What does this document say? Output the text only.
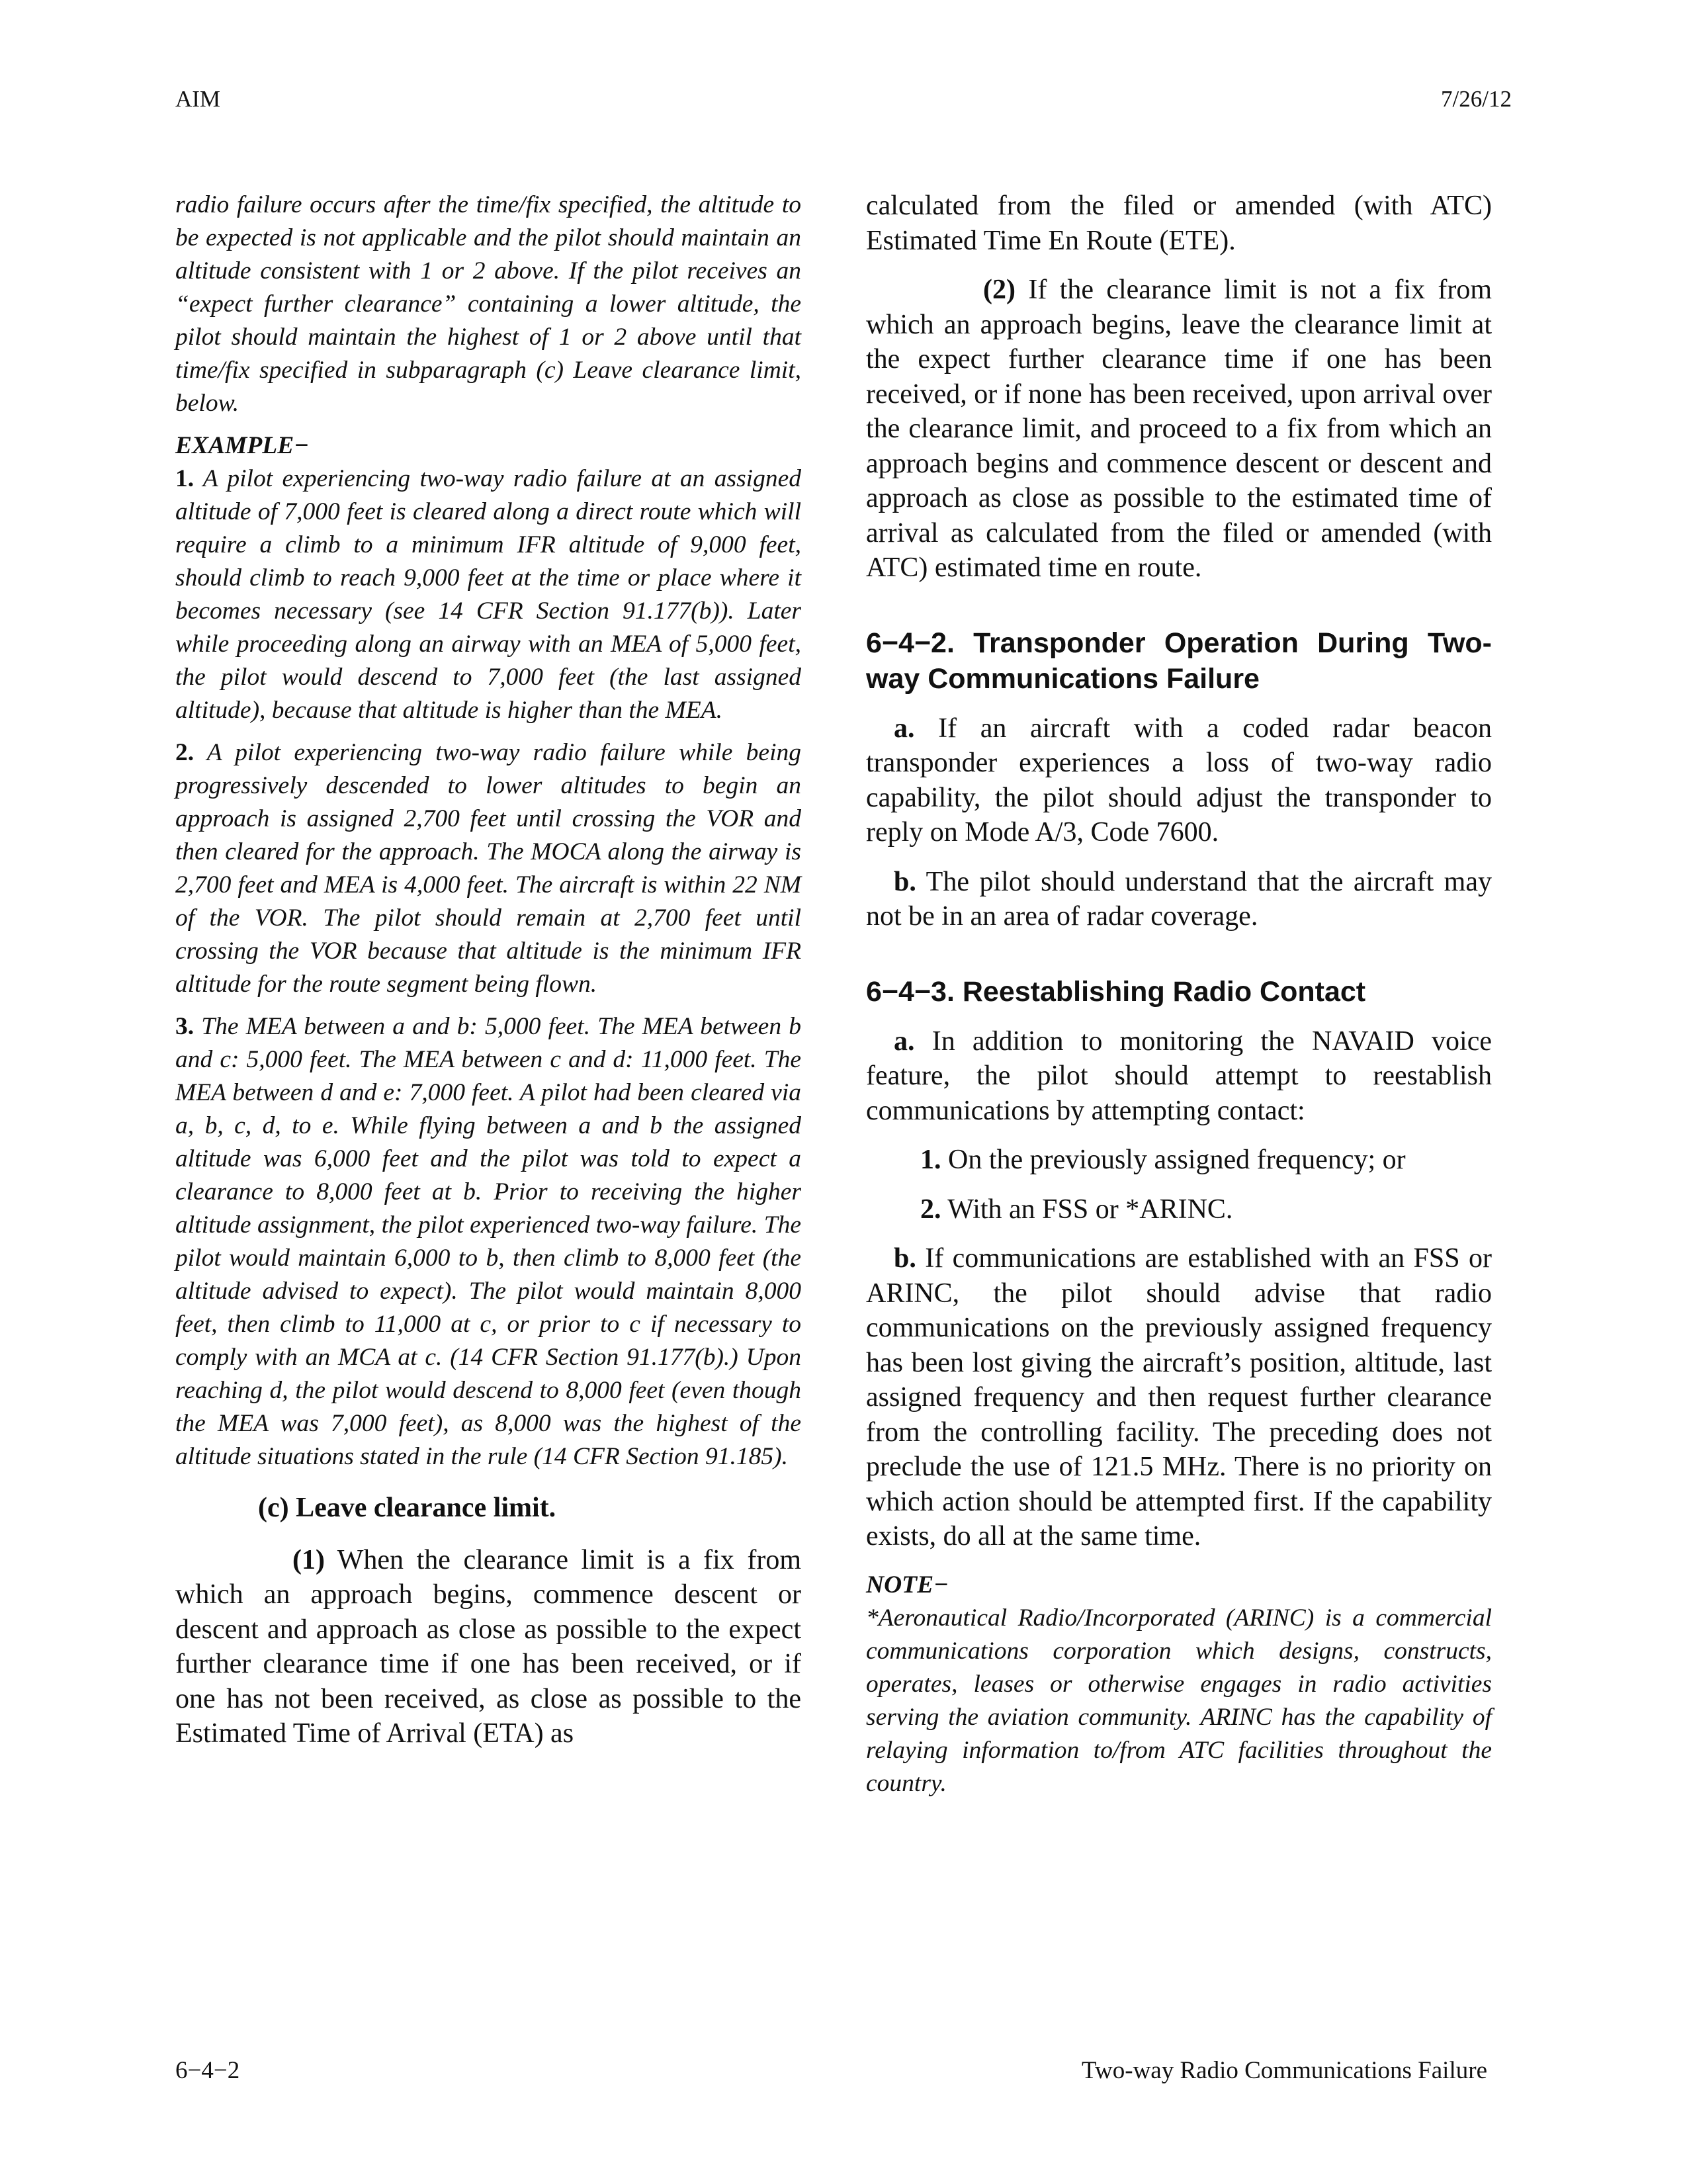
AIM	7/26/12

radio failure occurs after the time/fix specified, the altitude to be expected is not applicable and the pilot should maintain an altitude consistent with 1 or 2 above. If the pilot receives an “expect further clearance” containing a lower altitude, the pilot should maintain the highest of 1 or 2 above until that time/fix specified in subparagraph (c) Leave clearance limit, below.

EXAMPLE−

1. A pilot experiencing two-way radio failure at an assigned altitude of 7,000 feet is cleared along a direct route which will require a climb to a minimum IFR altitude of 9,000 feet, should climb to reach 9,000 feet at the time or place where it becomes necessary (see 14 CFR Section 91.177(b)). Later while proceeding along an airway with an MEA of 5,000 feet, the pilot would descend to 7,000 feet (the last assigned altitude), because that altitude is higher than the MEA.

2. A pilot experiencing two-way radio failure while being progressively descended to lower altitudes to begin an approach is assigned 2,700 feet until crossing the VOR and then cleared for the approach. The MOCA along the airway is 2,700 feet and MEA is 4,000 feet. The aircraft is within 22 NM of the VOR. The pilot should remain at 2,700 feet until crossing the VOR because that altitude is the minimum IFR altitude for the route segment being flown.

3. The MEA between a and b: 5,000 feet. The MEA between b and c: 5,000 feet. The MEA between c and d: 11,000 feet. The MEA between d and e: 7,000 feet. A pilot had been cleared via a, b, c, d, to e. While flying between a and b the assigned altitude was 6,000 feet and the pilot was told to expect a clearance to 8,000 feet at b. Prior to receiving the higher altitude assignment, the pilot experienced two-way failure. The pilot would maintain 6,000 to b, then climb to 8,000 feet (the altitude advised to expect). The pilot would maintain 8,000 feet, then climb to 11,000 at c, or prior to c if necessary to comply with an MCA at c. (14 CFR Section 91.177(b).) Upon reaching d, the pilot would descend to 8,000 feet (even though the MEA was 7,000 feet), as 8,000 was the highest of the altitude situations stated in the rule (14 CFR Section 91.185).

(c) Leave clearance limit.

(1) When the clearance limit is a fix from which an approach begins, commence descent or descent and approach as close as possible to the expect further clearance time if one has been received, or if one has not been received, as close as possible to the Estimated Time of Arrival (ETA) as

calculated from the filed or amended (with ATC) Estimated Time En Route (ETE).

(2) If the clearance limit is not a fix from which an approach begins, leave the clearance limit at the expect further clearance time if one has been received, or if none has been received, upon arrival over the clearance limit, and proceed to a fix from which an approach begins and commence descent or descent and approach as close as possible to the estimated time of arrival as calculated from the filed or amended (with ATC) estimated time en route.

6−4−2. Transponder Operation During Two-way Communications Failure

a. If an aircraft with a coded radar beacon transponder experiences a loss of two-way radio capability, the pilot should adjust the transponder to reply on Mode A/3, Code 7600.

b. The pilot should understand that the aircraft may not be in an area of radar coverage.

6−4−3. Reestablishing Radio Contact

a. In addition to monitoring the NAVAID voice feature, the pilot should attempt to reestablish communications by attempting contact:

1. On the previously assigned frequency; or

2. With an FSS or *ARINC.

b. If communications are established with an FSS or ARINC, the pilot should advise that radio communications on the previously assigned frequency has been lost giving the aircraft’s position, altitude, last assigned frequency and then request further clearance from the controlling facility. The preceding does not preclude the use of 121.5 MHz. There is no priority on which action should be attempted first. If the capability exists, do all at the same time.

NOTE−

*Aeronautical Radio/Incorporated (ARINC) is a commercial communications corporation which designs, constructs, operates, leases or otherwise engages in radio activities serving the aviation community. ARINC has the capability of relaying information to/from ATC facilities throughout the country.

6−4−2	Two-way Radio Communications Failure
